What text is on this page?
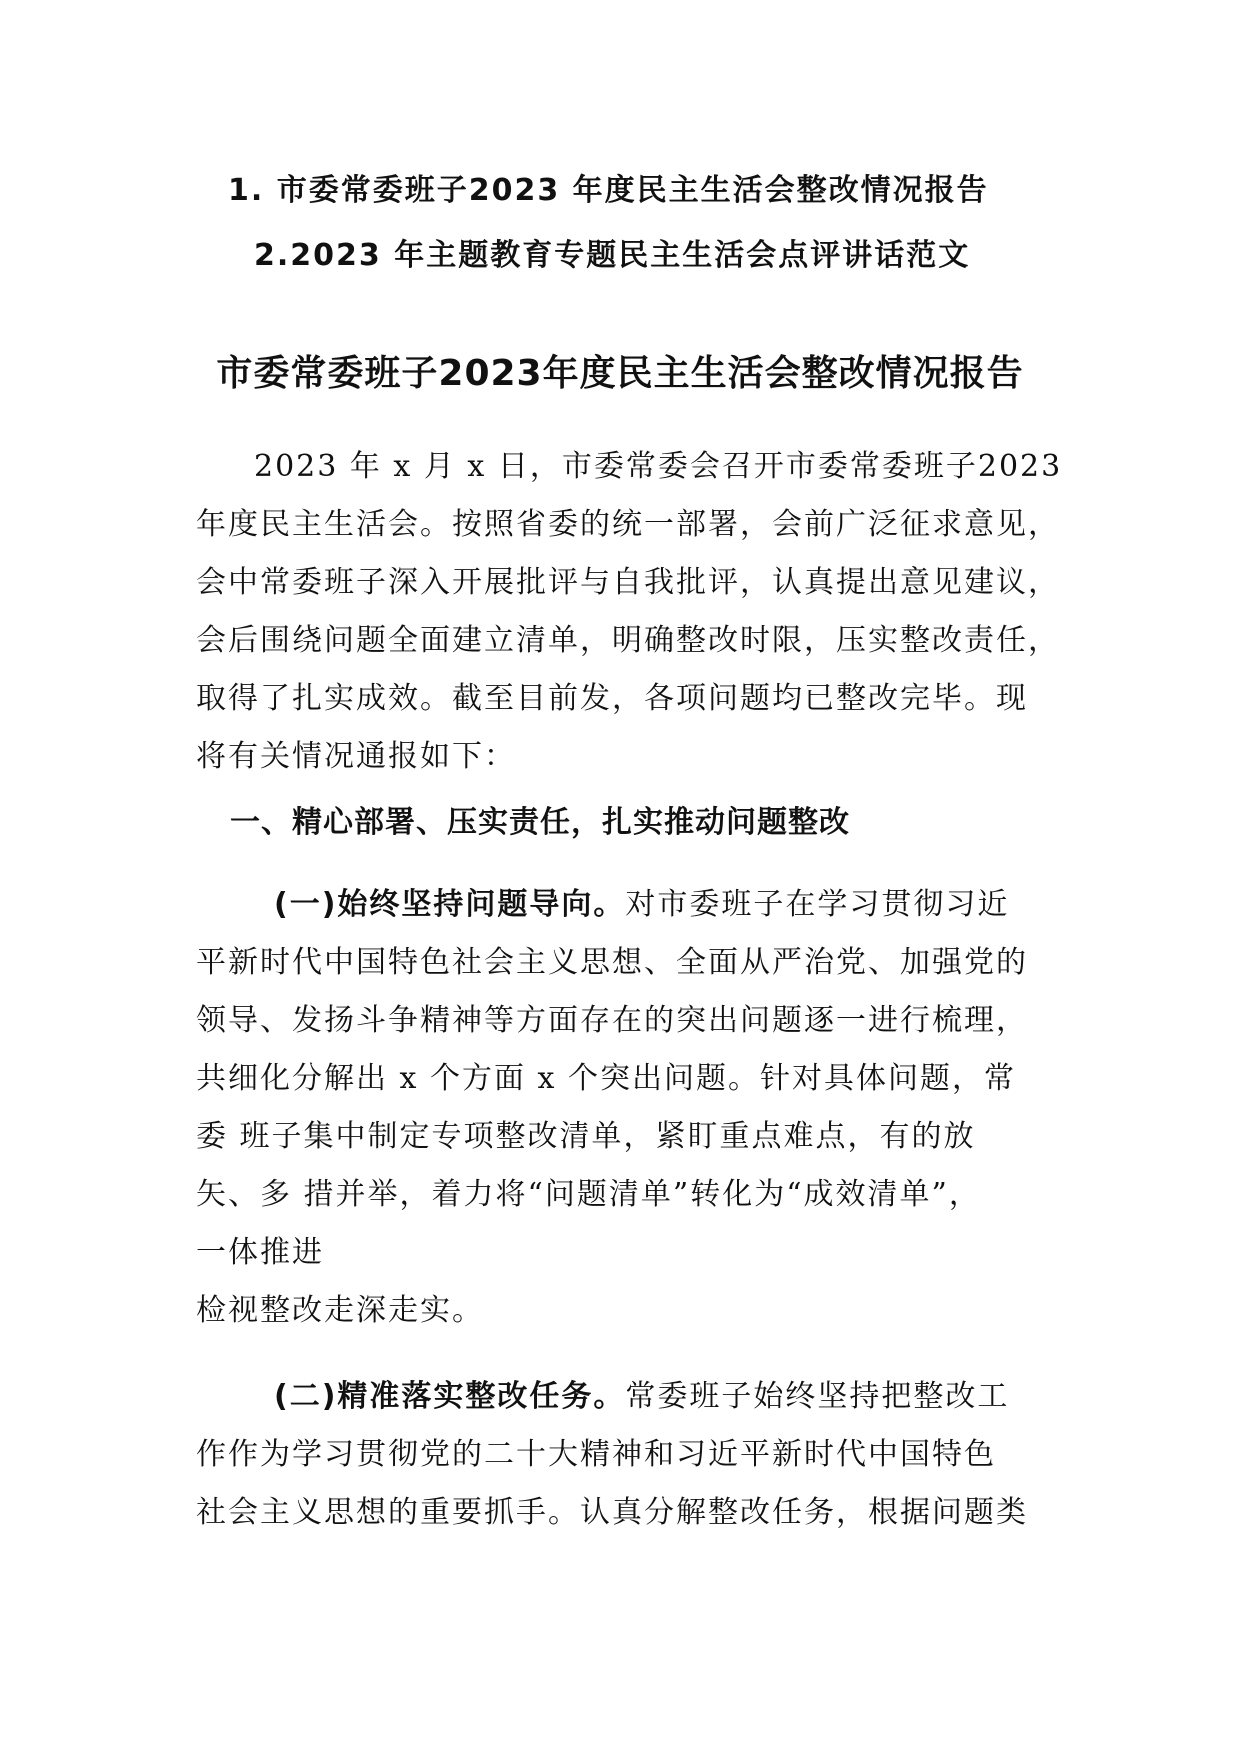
1. 市委常委班子2023 年度民主生活会整改情况报告
2.2023 年主题教育专题民主生活会点评讲话范文
市委常委班子2023年度民主生活会整改情况报告
2023 年 x 月 x 日，市委常委会召开市委常委班子2023
年度民主生活会。按照省委的统一部署，会前广泛征求意见，
会中常委班子深入开展批评与自我批评，认真提出意见建议，
会后围绕问题全面建立清单，明确整改时限，压实整改责任，
取得了扎实成效。截至目前发，各项问题均已整改完毕。现
将有关情况通报如下：
一、精心部署、压实责任，扎实推动问题整改
(一)始终坚持问题导向。对市委班子在学习贯彻习近
平新时代中国特色社会主义思想、全面从严治党、加强党的
领导、发扬斗争精神等方面存在的突出问题逐一进行梳理，
共细化分解出 x 个方面 x 个突出问题。针对具体问题，常
委 班子集中制定专项整改清单，紧盯重点难点，有的放
矢、多 措并举，着力将“问题清单”转化为“成效清单”，
一体推进
检视整改走深走实。
(二)精准落实整改任务。常委班子始终坚持把整改工
作作为学习贯彻党的二十大精神和习近平新时代中国特色
社会主义思想的重要抓手。认真分解整改任务，根据问题类
